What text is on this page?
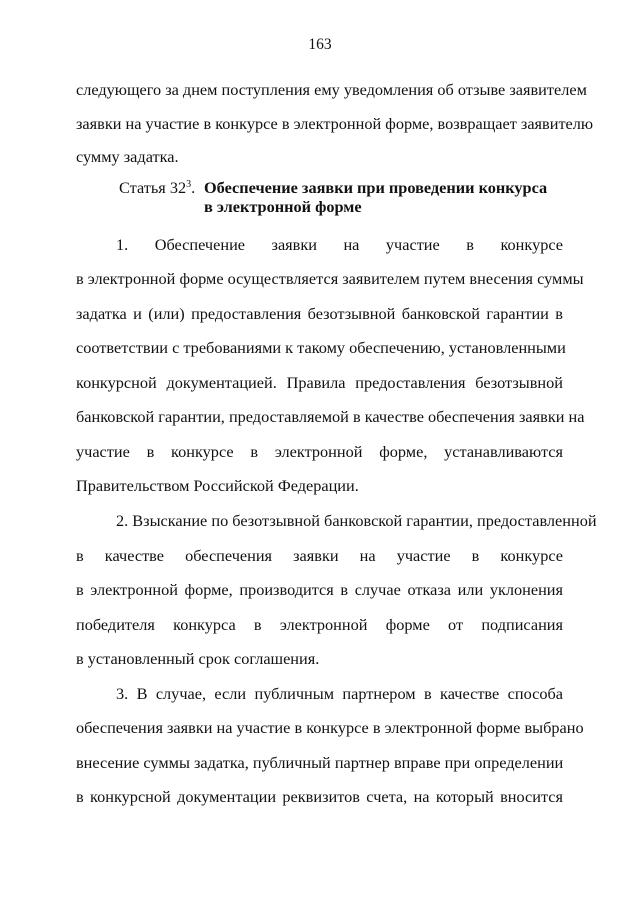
163
следующего за днем поступления ему уведомления об отзыве заявителем
заявки на участие в конкурсе в электронной форме, возвращает заявителю
сумму задатка.
Статья $32^3$. Обеспечение заявки при проведении конкурса
в электронной форме
1. Обеспечение заявки на участие в конкурсе
в электронной форме осуществляется заявителем путем внесения суммы
задатка и (или) предоставления безотзывной банковской гарантии в
соответствии с требованиями к такому обеспечению, установленными
конкурсной документацией. Правила предоставления безотзывной
банковской гарантии, предоставляемой в качестве обеспечения заявки на
участие в конкурсе в электронной форме, устанавливаются
Правительством Российской Федерации.
2. Взыскание по безотзывной банковской гарантии, предоставленной
в качестве обеспечения заявки на участие в конкурсе
в электронной форме, производится в случае отказа или уклонения
победителя конкурса в электронной форме от подписания
в установленный срок соглашения.
3. В случае, если публичным партнером в качестве способа
обеспечения заявки на участие в конкурсе в электронной форме выбрано
внесение суммы задатка, публичный партнер вправе при определении
в конкурсной документации реквизитов счета, на который вносится
